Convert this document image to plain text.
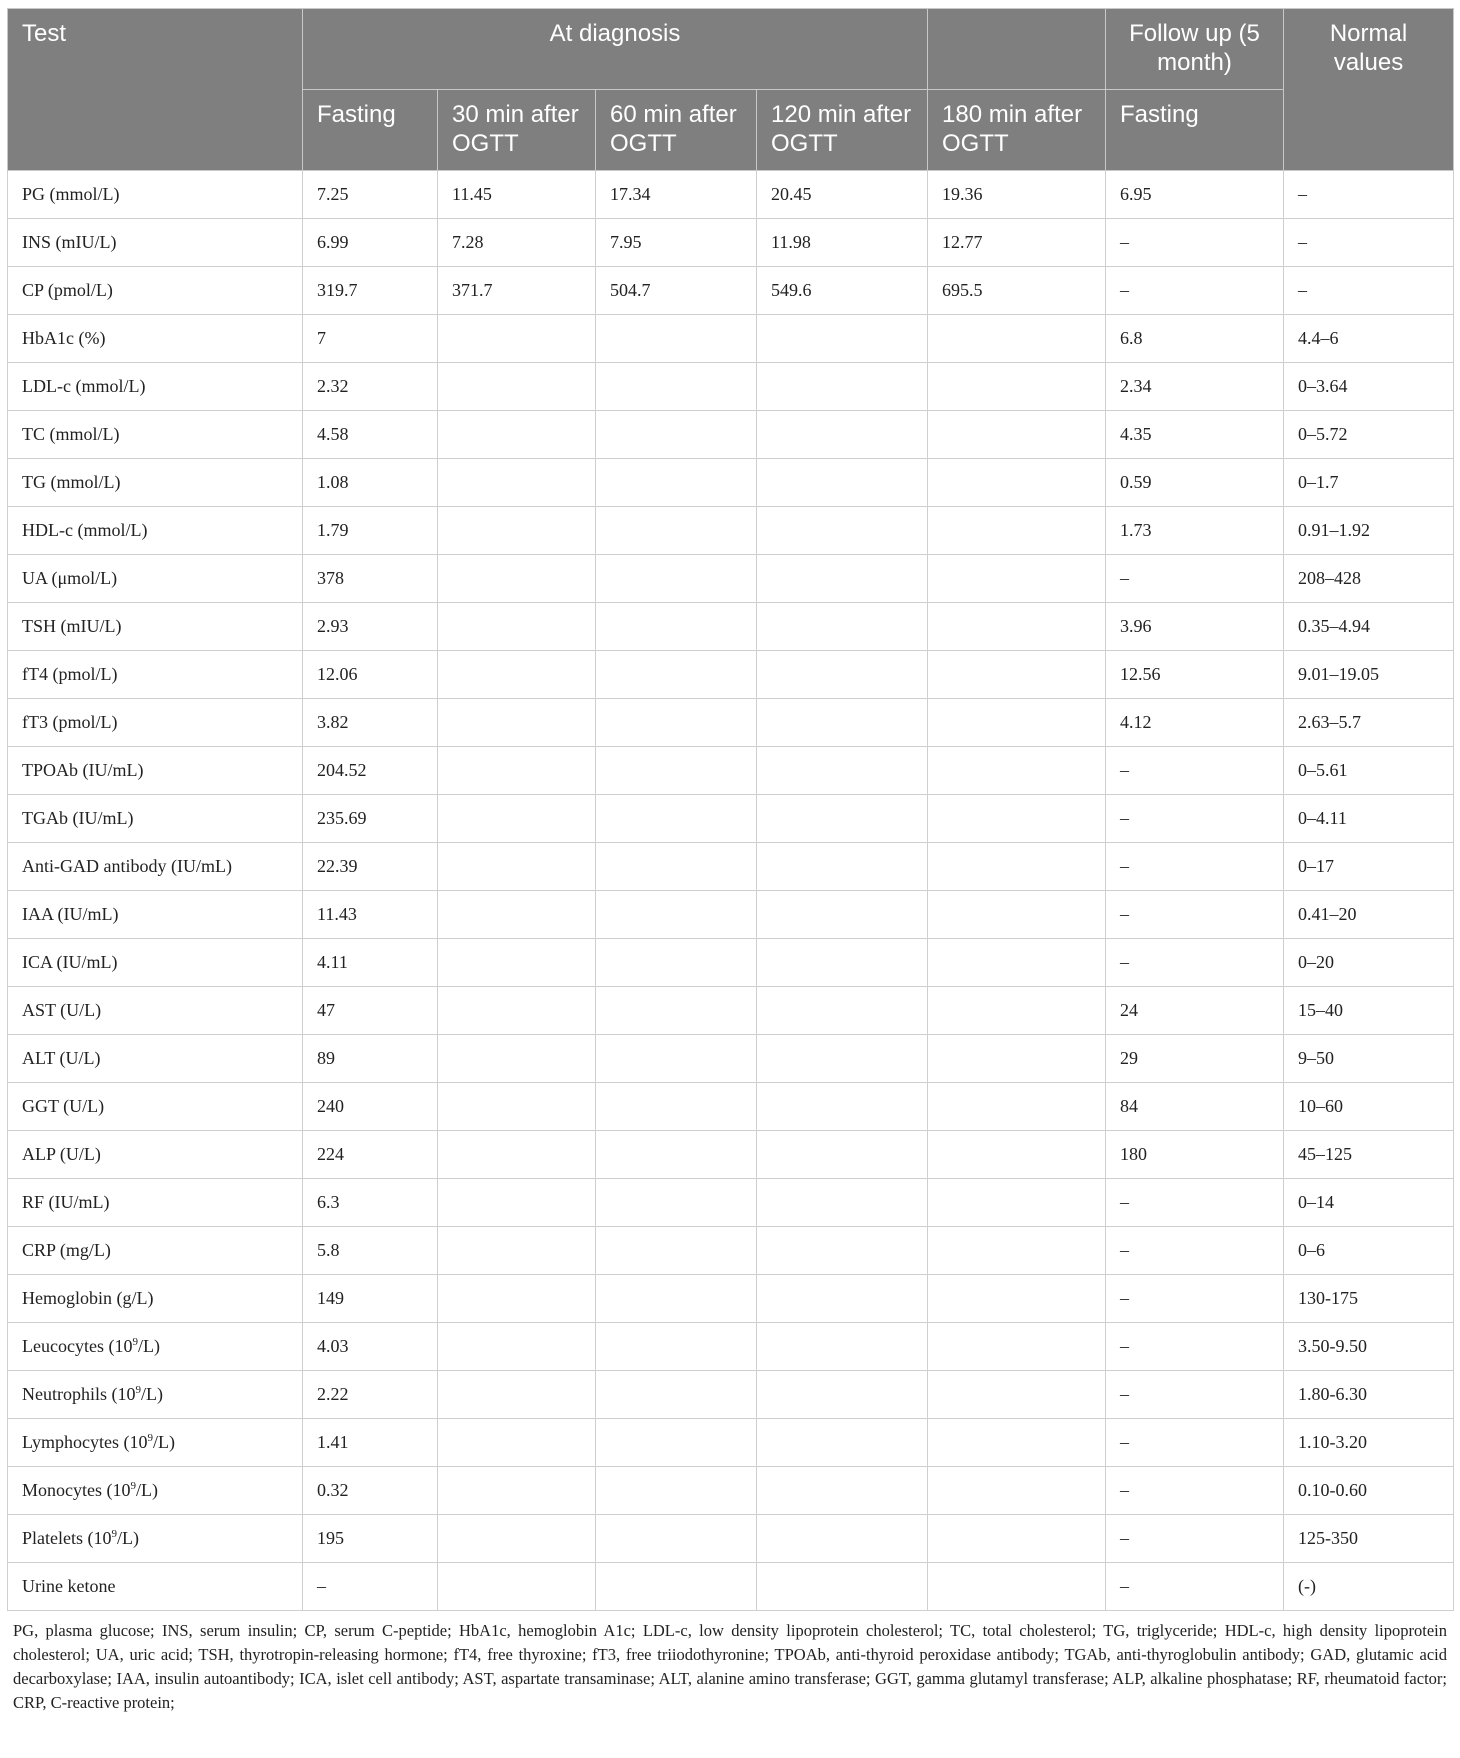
Test	At diagnosis					Follow up (5 month)	Normal values
	Fasting	30 min after OGTT	60 min after OGTT	120 min after OGTT	180 min after OGTT	Fasting	
PG (mmol/L)	7.25	11.45	17.34	20.45	19.36	6.95	–
INS (mIU/L)	6.99	7.28	7.95	11.98	12.77	–	–
CP (pmol/L)	319.7	371.7	504.7	549.6	695.5	–	–
HbA1c (%)	7					6.8	4.4–6
LDL-c (mmol/L)	2.32					2.34	0–3.64
TC (mmol/L)	4.58					4.35	0–5.72
TG (mmol/L)	1.08					0.59	0–1.7
HDL-c (mmol/L)	1.79					1.73	0.91–1.92
UA (μmol/L)	378					–	208–428
TSH (mIU/L)	2.93					3.96	0.35–4.94
fT4 (pmol/L)	12.06					12.56	9.01–19.05
fT3 (pmol/L)	3.82					4.12	2.63–5.7
TPOAb (IU/mL)	204.52					–	0–5.61
TGAb (IU/mL)	235.69					–	0–4.11
Anti-GAD antibody (IU/mL)	22.39					–	0–17
IAA (IU/mL)	11.43					–	0.41–20
ICA (IU/mL)	4.11					–	0–20
AST (U/L)	47					24	15–40
ALT (U/L)	89					29	9–50
GGT (U/L)	240					84	10–60
ALP (U/L)	224					180	45–125
RF (IU/mL)	6.3					–	0–14
CRP (mg/L)	5.8					–	0–6
Hemoglobin (g/L)	149					–	130-175
Leucocytes $(10^9/L)$	4.03					–	3.50-9.50
Neutrophils $(10^9/L)$	2.22					–	1.80-6.30
Lymphocytes $(10^9/L)$	1.41					–	1.10-3.20
Monocytes $(10^9/L)$	0.32					–	0.10-0.60
Platelets $(10^9/L)$	195					–	125-350
Urine ketone	–					–	(-)
PG, plasma glucose; INS, serum insulin; CP, serum C-peptide; HbA1c, hemoglobin A1c; LDL-c, low density lipoprotein cholesterol; TC, total cholesterol; TG, triglyceride; HDL-c, high density lipoprotein cholesterol; UA, uric acid; TSH, thyrotropin-releasing hormone; fT4, free thyroxine; fT3, free triiodothyronine; TPOAb, anti-thyroid peroxidase antibody; TGAb, anti-thyroglobulin antibody; GAD, glutamic acid decarboxylase; IAA, insulin autoantibody; ICA, islet cell antibody; AST, aspartate transaminase; ALT, alanine amino transferase; GGT, gamma glutamyl transferase; ALP, alkaline phosphatase; RF, rheumatoid factor; CRP, C-reactive protein;
